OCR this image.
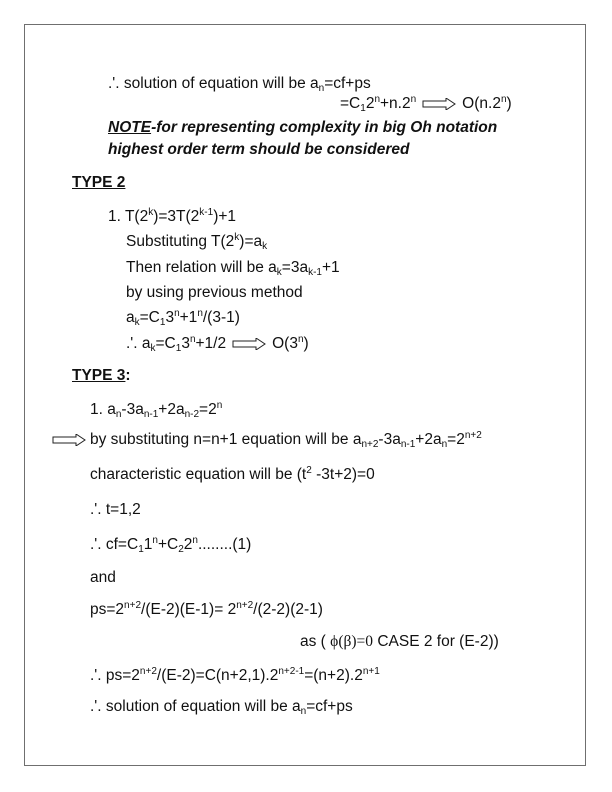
.'. solution of equation will be $a_n=cf+ps$
$=C_12^n+n.2^n$	O(n.2$^n$)
NOTE-for representing complexity in big Oh notation
highest order term should be considered
TYPE 2
1. $T(2^k)=3T(2^{k-1})+1$
Substituting $T(2^k)=a_k$
Then relation will be $a_k=3a_{k-1}+1$
by using previous method
$a_k=C_13^n+1^n/(3-1)$
.'. $a_k=C_13^n+1/2$	O(3$^n$)
TYPE 3:
1. $a_n-3a_{n-1}+2a_{n-2}=2^n$
by substituting n=n+1 equation will be $a_{n+2}-3a_{n-1}+2a_n=2^{n+2}$
characteristic equation will be ($t^2$ -3t+2)=0
.'. t=1,2
.'. $cf=C_11^n+C_22^n........(1)$
and
$ps=2^{n+2}/(E-2)(E-1)= 2^{n+2}/(2-2)(2-1)$
as ( ϕ(β)=0 CASE 2 for (E-2))
.'. $ps=2^{n+2}/(E-2)=C(n+2,1).2^{n+2-1}=(n+2).2^{n+1}$
.'. solution of equation will be $a_n=cf+ps$
